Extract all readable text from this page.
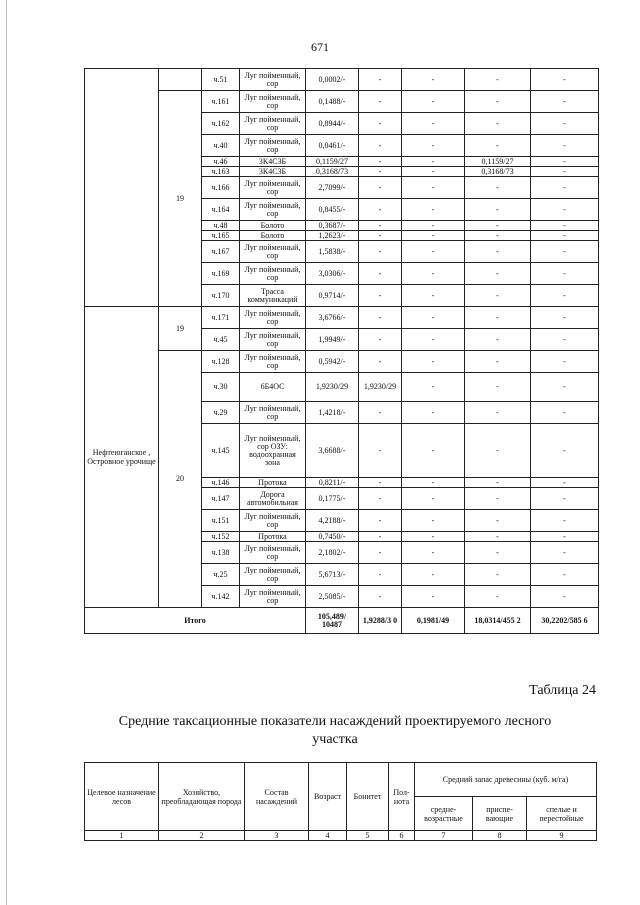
671
		ч.51	Луг пойменный, сор	0,0002/-	-	-	-	-
	19	ч.161	Луг пойменный, сор	0,1488/-	-	-	-	-
		ч.162	Луг пойменный, сор	0,8944/-	-	-	-	-
		ч.40	Луг пойменный, сор	0,0461/-	-	-	-	-
		ч.46	3К4С3Б	0,1159/27	-	-	0,1159/27	-
		ч.163	3К4С3Б	0,3168/73	-	-	0,3168/73	-
		ч.166	Луг пойменный, сор	2,7099/-	-	-	-	-
		ч.164	Луг пойменный, сор	0,8455/-	-	-	-	-
		ч.48	Болото	0,3687/-	-	-	-	-
		ч.165	Болото	1,2623/-	-	-	-	-
		ч.167	Луг пойменный, сор	1,5838/-	-	-	-	-
		ч.169	Луг пойменный, сор	3,0306/-	-	-	-	-
		ч.170	Трасса коммуникаций	0,9714/-	-	-	-	-
Нефтеюганское , Островное урочище	19	ч.171	Луг пойменный, сор	3,6766/-	-	-	-	-
		ч.45	Луг пойменный, сор	1,9949/-	-	-	-	-
	20	ч.128	Луг пойменный, сор	0,5942/-	-	-	-	-
		ч.30	6Б4ОС	1,9230/29	1,9230/29	-	-	-
		ч.29	Луг пойменный, сор	1,4218/-	-	-	-	-
		ч.145	Луг пойменный, сор ОЗУ: водоохранная зона	3,6688/-	-	-	-	-
		ч.146	Протока	0,8211/-	-	-	-	-
		ч.147	Дорога автомобильная	0,1775/-	-	-	-	-
		ч.151	Луг пойменный, сор	4,2188/-	-	-	-	-
		ч.152	Протока	0,7450/-	-	-	-	-
		ч.138	Луг пойменный, сор	2,1802/-	-	-	-	-
		ч.25	Луг пойменный, сор	5,6713/-	-	-	-	-
		ч.142	Луг пойменный, сор	2,5085/-	-	-	-	-
Итого				105,489/ 10487	1,9288/3 0	0,1981/49	18,0314/455 2	30,2202/585 6
Таблица 24
Средние таксационные показатели насаждений проектируемого лесного участка
Целевое назначение лесов	Хозяйство, преобладающая порода	Состав насаждений	Возраст	Бонитет	Пол- нота	Средний запас древесины (куб. м/га)		
						средне- возрастные	приспе- вающие	спелые и перестойные
1	2	3	4	5	6	7	8	9
